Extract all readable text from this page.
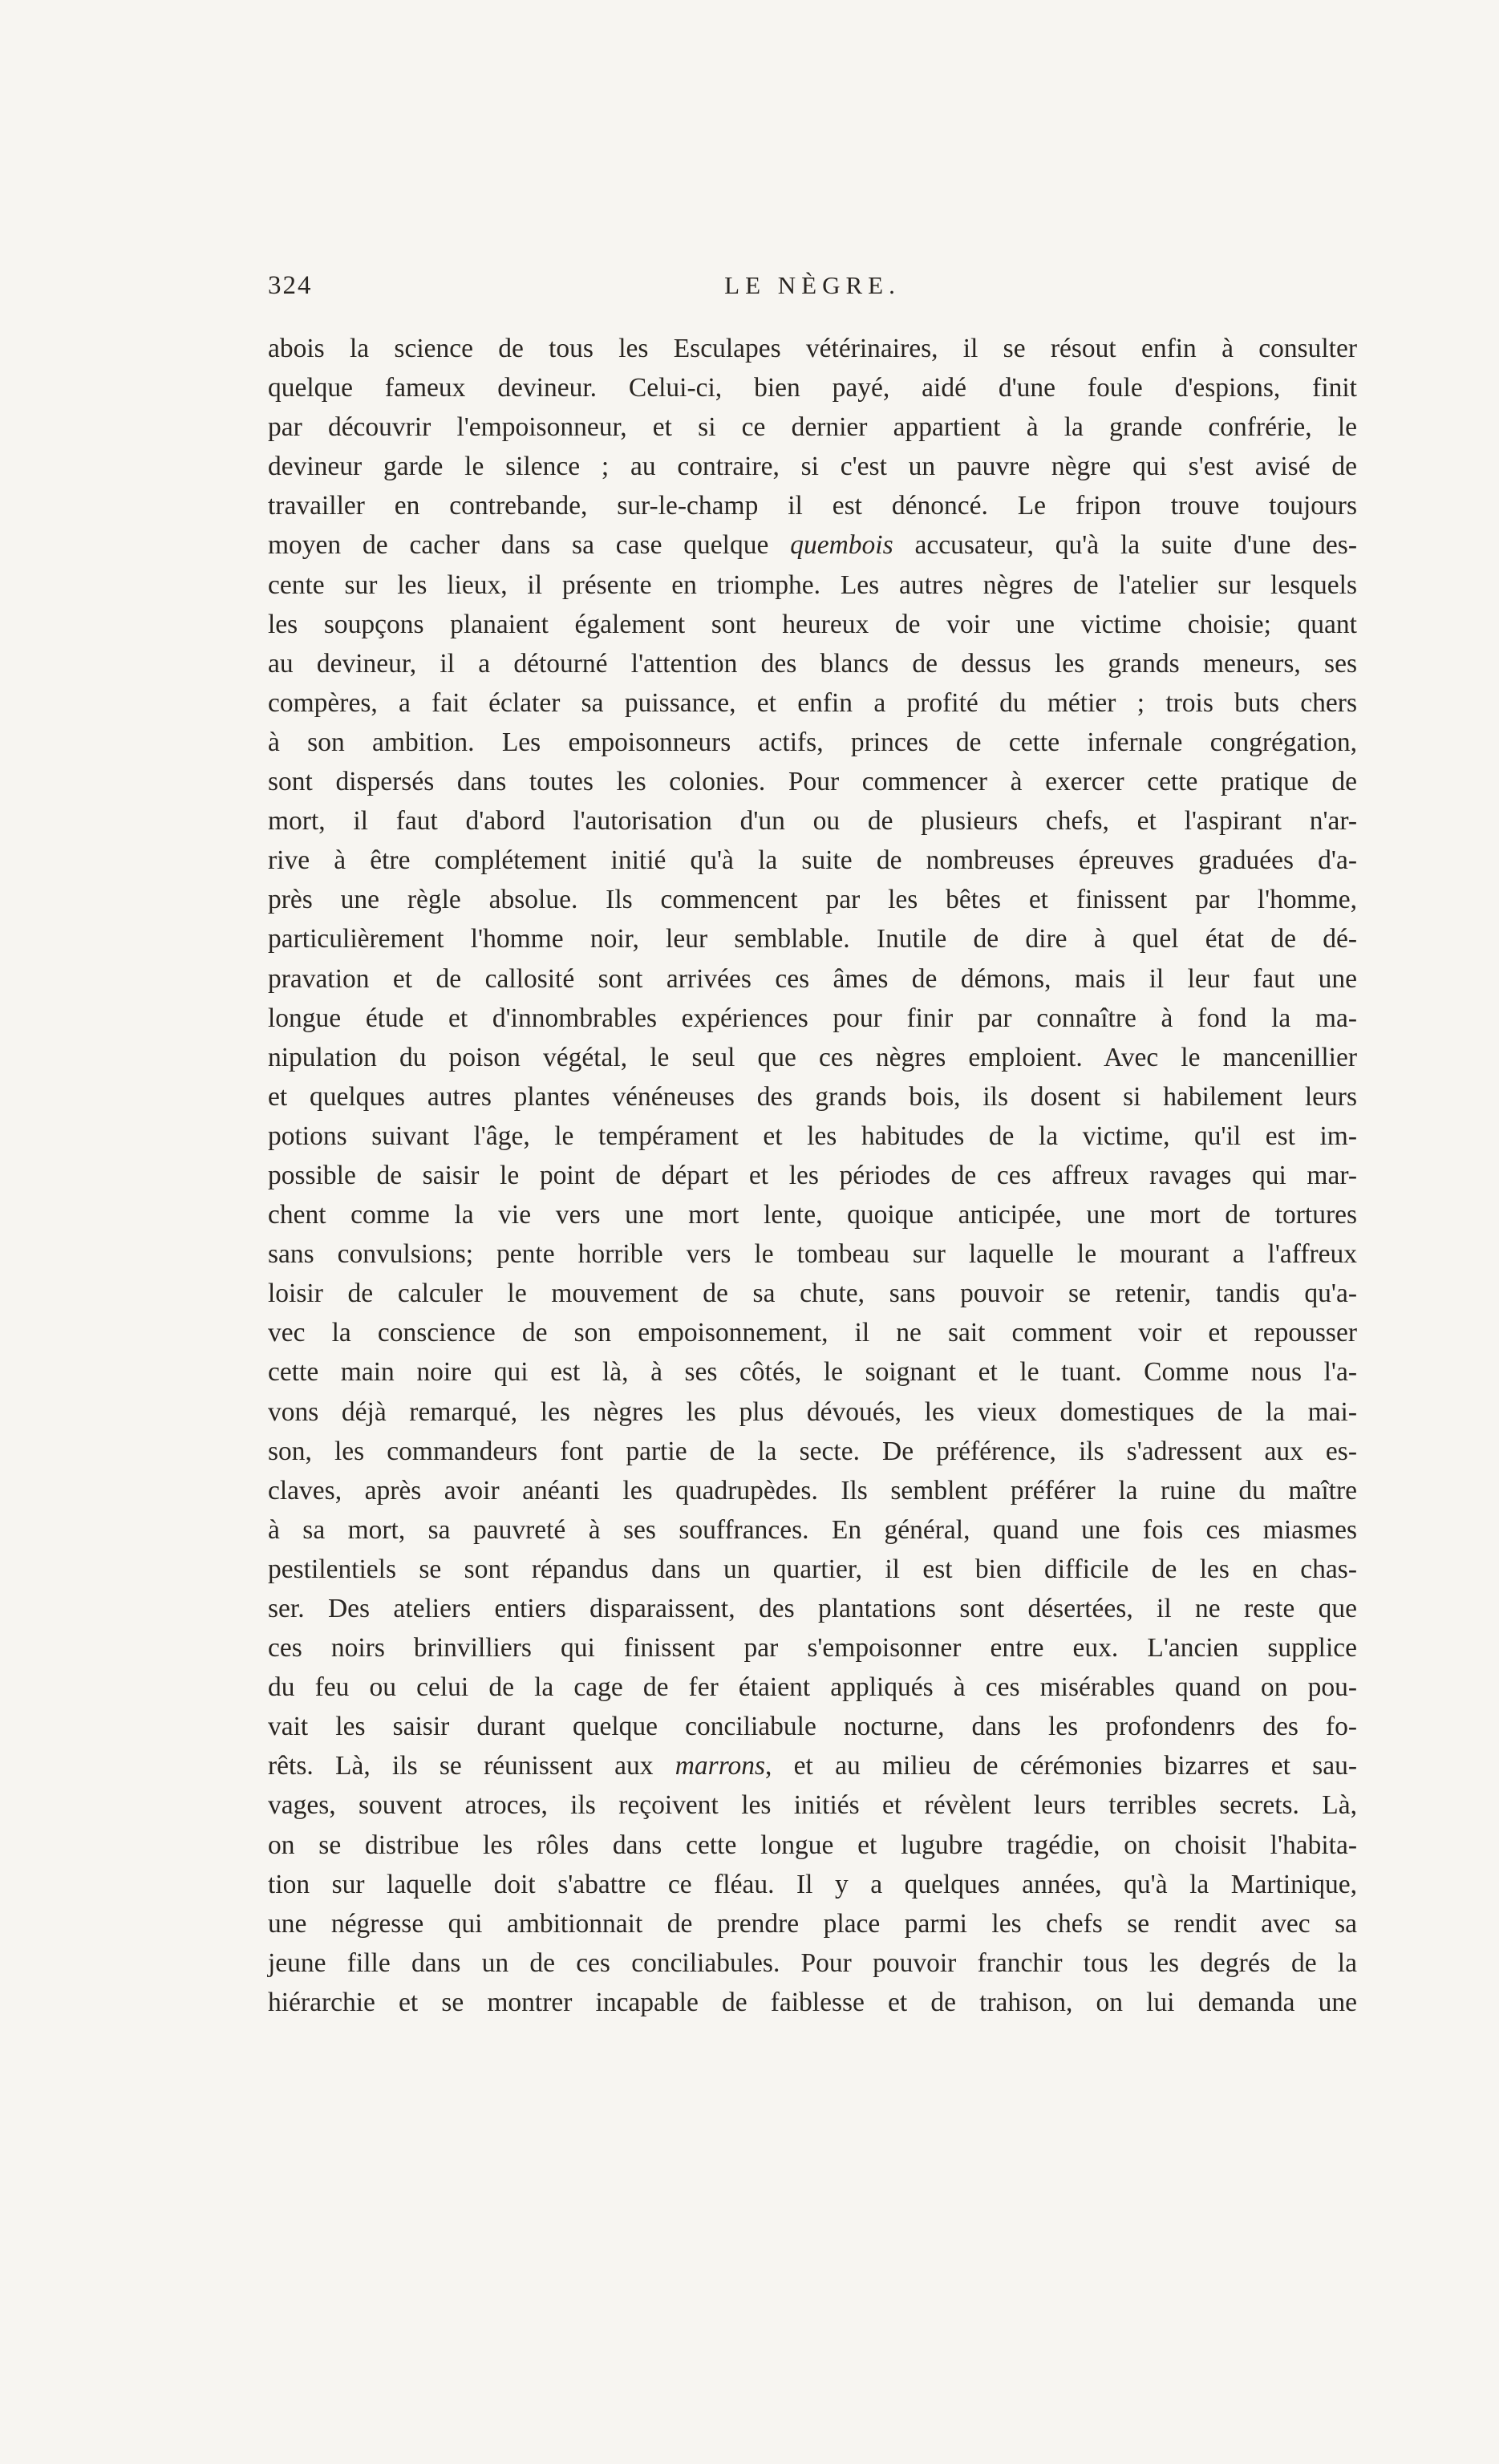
324	LE NÈGRE.
abois la science de tous les Esculapes vétérinaires, il se résout enfin à consulter
quelque fameux devineur. Celui-ci, bien payé, aidé d'une foule d'espions, finit
par découvrir l'empoisonneur, et si ce dernier appartient à la grande confrérie, le
devineur garde le silence ; au contraire, si c'est un pauvre nègre qui s'est avisé de
travailler en contrebande, sur-le-champ il est dénoncé. Le fripon trouve toujours
moyen de cacher dans sa case quelque quembois accusateur, qu'à la suite d'une des-
cente sur les lieux, il présente en triomphe. Les autres nègres de l'atelier sur lesquels
les soupçons planaient également sont heureux de voir une victime choisie; quant
au devineur, il a détourné l'attention des blancs de dessus les grands meneurs, ses
compères, a fait éclater sa puissance, et enfin a profité du métier ; trois buts chers
à son ambition. Les empoisonneurs actifs, princes de cette infernale congrégation,
sont dispersés dans toutes les colonies. Pour commencer à exercer cette pratique de
mort, il faut d'abord l'autorisation d'un ou de plusieurs chefs, et l'aspirant n'ar-
rive à être complétement initié qu'à la suite de nombreuses épreuves graduées d'a-
près une règle absolue. Ils commencent par les bêtes et finissent par l'homme,
particulièrement l'homme noir, leur semblable. Inutile de dire à quel état de dé-
pravation et de callosité sont arrivées ces âmes de démons, mais il leur faut une
longue étude et d'innombrables expériences pour finir par connaître à fond la ma-
nipulation du poison végétal, le seul que ces nègres emploient. Avec le mancenillier
et quelques autres plantes vénéneuses des grands bois, ils dosent si habilement leurs
potions suivant l'âge, le tempérament et les habitudes de la victime, qu'il est im-
possible de saisir le point de départ et les périodes de ces affreux ravages qui mar-
chent comme la vie vers une mort lente, quoique anticipée, une mort de tortures
sans convulsions; pente horrible vers le tombeau sur laquelle le mourant a l'affreux
loisir de calculer le mouvement de sa chute, sans pouvoir se retenir, tandis qu'a-
vec la conscience de son empoisonnement, il ne sait comment voir et repousser
cette main noire qui est là, à ses côtés, le soignant et le tuant. Comme nous l'a-
vons déjà remarqué, les nègres les plus dévoués, les vieux domestiques de la mai-
son, les commandeurs font partie de la secte. De préférence, ils s'adressent aux es-
claves, après avoir anéanti les quadrupèdes. Ils semblent préférer la ruine du maître
à sa mort, sa pauvreté à ses souffrances. En général, quand une fois ces miasmes
pestilentiels se sont répandus dans un quartier, il est bien difficile de les en chas-
ser. Des ateliers entiers disparaissent, des plantations sont désertées, il ne reste que
ces noirs brinvilliers qui finissent par s'empoisonner entre eux. L'ancien supplice
du feu ou celui de la cage de fer étaient appliqués à ces misérables quand on pou-
vait les saisir durant quelque conciliabule nocturne, dans les profondenrs des fo-
rêts. Là, ils se réunissent aux marrons, et au milieu de cérémonies bizarres et sau-
vages, souvent atroces, ils reçoivent les initiés et révèlent leurs terribles secrets. Là,
on se distribue les rôles dans cette longue et lugubre tragédie, on choisit l'habita-
tion sur laquelle doit s'abattre ce fléau. Il y a quelques années, qu'à la Martinique,
une négresse qui ambitionnait de prendre place parmi les chefs se rendit avec sa
jeune fille dans un de ces conciliabules. Pour pouvoir franchir tous les degrés de la
hiérarchie et se montrer incapable de faiblesse et de trahison, on lui demanda une
